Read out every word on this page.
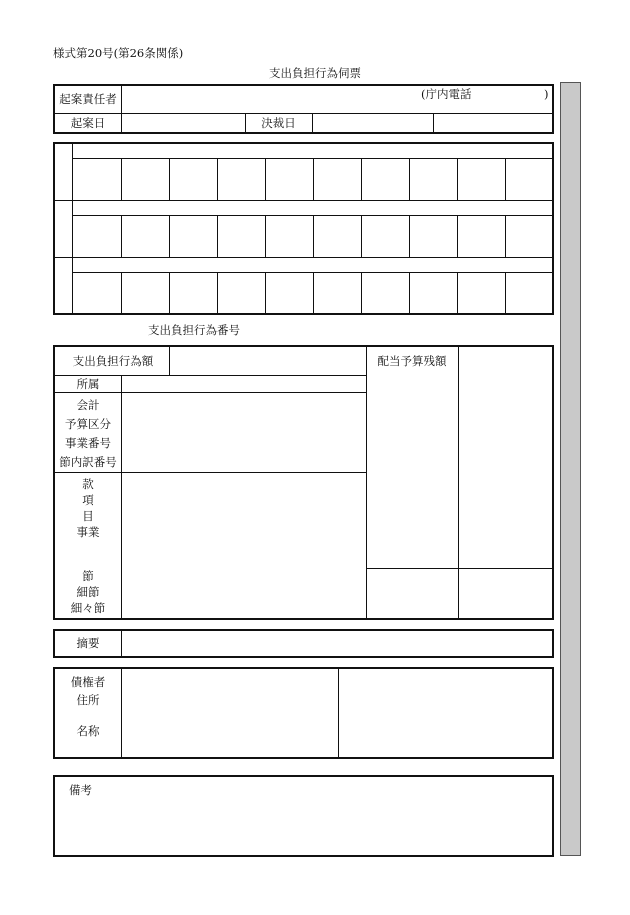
様式第20号(第26条関係)
支出負担行為伺票
起案責任者	(庁内電話	)
起案日	決裁日
支出負担行為番号
支出負担行為額	配当予算残額
所属
会計
予算区分
事業番号
節内訳番号
款
項
目
事業
節
細節
細々節
摘要
債権者
住所
名称
備考
